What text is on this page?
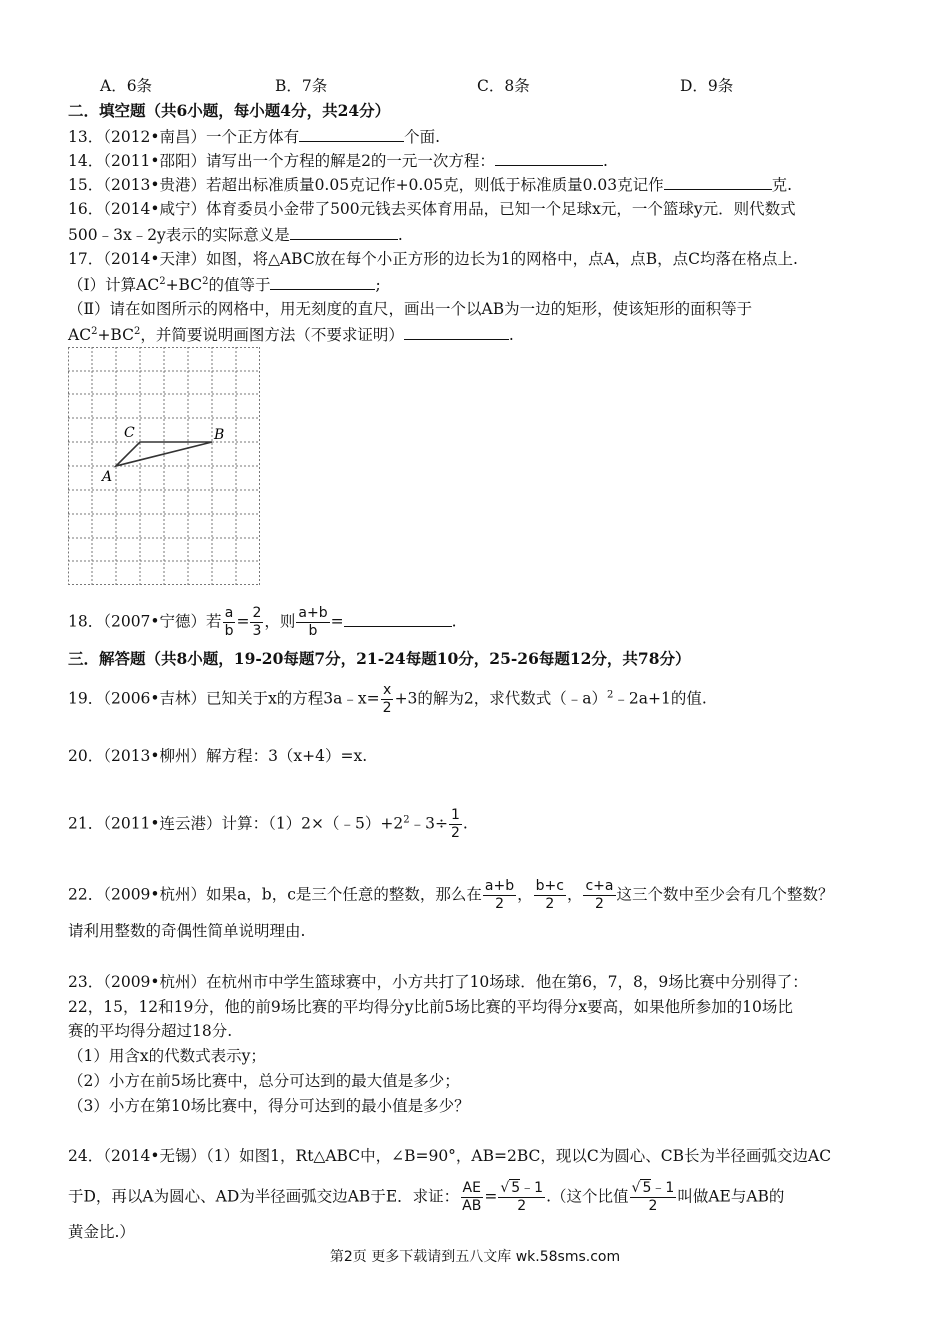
A．6条	B．7条	C．8条	D．9条
二．填空题（共6小题，每小题4分，共24分）
13．（2012•南昌）一个正方体有	个面.
14．（2011•邵阳）请写出一个方程的解是2的一元一次方程：	.
15．（2013•贵港）若超出标准质量0.05克记作+0.05克，则低于标准质量0.03克记作	克.
16．（2014•咸宁）体育委员小金带了500元钱去买体育用品，已知一个足球x元，一个篮球y元．则代数式
500﹣3x﹣2y表示的实际意义是	.
17．（2014•天津）如图，将△ABC放在每个小正方形的边长为1的网格中，点A，点B，点C均落在格点上.
（Ⅰ）计算$AC^2+BC^2$的值等于	;
（Ⅱ）请在如图所示的网格中，用无刻度的直尺，画出一个以AB为一边的矩形，使该矩形的面积等于
$AC^2+BC^2$，并简要说明画图方法（不要求证明）	.
C	B
A
18．（2007•宁德）若 $\frac{a}{b} = \frac{2}{3}$ ，则 $\frac{a+b}{b}$ =	.
三．解答题（共8小题，19-20每题7分，21-24每题10分，25-26每题12分，共78分）
19．（2006•吉林）已知关于x的方程3a﹣x= $\frac{x}{2} +3$的解为2，求代数式（﹣a）$^2$﹣2a+1的值.
20．（2013•柳州）解方程：3（x+4）=x.
21．（2011•连云港）计算：$(1)2\times(﹣5)+2^2﹣3\div \frac{1}{2}$ .
22．（2009•杭州）如果a，b，c是三个任意的整数，那么在 $\frac{a+b}{2}$ ， $\frac{b+c}{2}$ ， $\frac{c+a}{2}$ 这三个数中至少会有几个整数？
请利用整数的奇偶性简单说明理由.
23．（2009•杭州）在杭州市中学生篮球赛中，小方共打了10场球．他在第6，7，8，9场比赛中分别得了：
22，15，12和19分，他的前9场比赛的平均得分y比前5场比赛的平均得分x要高，如果他所参加的10场比
赛的平均得分超过18分.
（1）用含x的代数式表示y；
（2）小方在前5场比赛中，总分可达到的最大值是多少；
（3）小方在第10场比赛中，得分可达到的最小值是多少？
24．（2014•无锡）（1）如图1，Rt△ABC中，∠B=90°，AB=2BC，现以C为圆心、CB长为半径画弧交边AC
于D，再以A为圆心、AD为半径画弧交边AB于E．求证： $\frac{AE}{AB} = \frac{√ 5﹣1}{2}$ .（这个比值 $\frac{√ 5﹣1}{2}$ 叫做AE与AB的
黄金比.）
第2页 更多下载请到五八文库 wk.58sms.com
